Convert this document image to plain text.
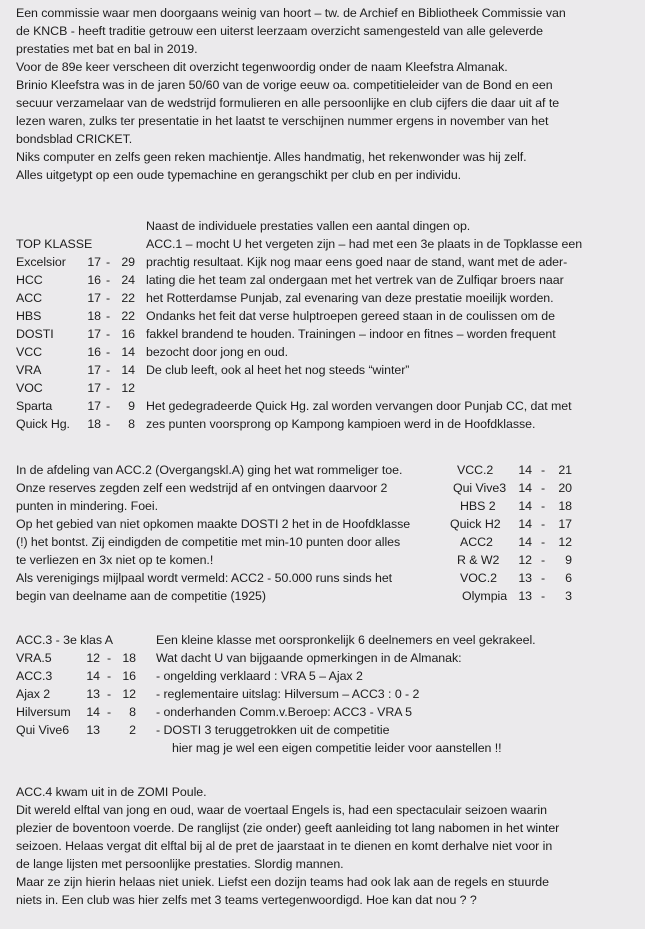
Een commissie waar men doorgaans weinig van hoort – tw. de Archief en Bibliotheek Commissie van
de KNCB - heeft traditie getrouw een uiterst leerzaam overzicht samengesteld van alle geleverde
prestaties met bat en bal in 2019.
Voor de 89e keer verscheen dit overzicht tegenwoordig onder de naam Kleefstra Almanak.
Brinio Kleefstra was in de jaren 50/60 van de vorige eeuw oa. competitieleider van de Bond en een
secuur verzamelaar van de wedstrijd formulieren en alle persoonlijke en club cijfers die daar uit af te
lezen waren, zulks ter presentatie in het laatst te verschijnen nummer ergens in november van het
bondsblad CRICKET.
Niks computer en zelfs geen reken machientje. Alles handmatig, het rekenwonder was hij zelf.
Alles uitgetypt op een oude typemachine en gerangschikt per club en per individu.
Naast de individuele prestaties vallen een aantal dingen op.
TOP KLASSE
Excelsior	17 - 29
HCC	16 - 24
ACC	17 - 22
HBS	18 - 22
DOSTI	17 - 16
VCC	16 - 14
VRA	17 - 14
VOC	17 - 12
Sparta	17 -	9
Quick Hg.	18 -	8
ACC.1 – mocht U het vergeten zijn – had met een 3e plaats in de Topklasse een
prachtig resultaat. Kijk nog maar eens goed naar de stand, want met de ader-
lating die het team zal ondergaan met het vertrek van de Zulfiqar broers naar
het Rotterdamse Punjab, zal evenaring van deze prestatie moeilijk worden.
Ondanks het feit dat verse hulptroepen gereed staan in de coulissen om de
fakkel brandend te houden. Trainingen – indoor en fitnes – worden frequent
bezocht door jong en oud.
De club leeft, ook al heet het nog steeds “winter”
Het gedegradeerde Quick Hg. zal worden vervangen door Punjab CC, dat met
zes punten voorsprong op Kampong kampioen werd in de Hoofdklasse.
In de afdeling van ACC.2 (Overgangskl.A) ging het wat rommeliger toe.
Onze reserves zegden zelf een wedstrijd af en ontvingen daarvoor 2
punten in mindering. Foei.
Op het gebied van niet opkomen maakte DOSTI 2 het in de Hoofdklasse
(!) het bontst. Zij eindigden de competitie met min-10 punten door alles
te verliezen en 3x niet op te komen.!
Als verenigings mijlpaal wordt vermeld: ACC2 - 50.000 runs sinds het
begin van deelname aan de competitie (1925)
VCC.2	14 -	21
Qui Vive3 14 -	20
HBS 2	14 -	18
Quick H2	14 -	17
ACC2	14 -	12
R & W2	12 -	9
VOC.2	13 -	6
Olympia 13 -	3
ACC.3 - 3e klas A	Een kleine klasse met oorspronkelijk 6 deelnemers en veel gekrakeel.
VRA.5	12 - 18
ACC.3	14 - 16
Ajax 2	13 - 12
Hilversum	14 -	8
Qui Vive6	13	2
Wat dacht U van bijgaande opmerkingen in de Almanak:
- ongelding verklaard : VRA 5 – Ajax 2
- reglementaire uitslag: Hilversum – ACC3 : 0 - 2
- onderhanden Comm.v.Beroep: ACC3 - VRA 5
- DOSTI 3 teruggetrokken uit de competitie
hier mag je wel een eigen competitie leider voor aanstellen !!
ACC.4 kwam uit in de ZOMI Poule.
Dit wereld elftal van jong en oud, waar de voertaal Engels is, had een spectaculair seizoen waarin
plezier de boventoon voerde. De ranglijst (zie onder) geeft aanleiding tot lang nabomen in het winter
seizoen. Helaas vergat dit elftal bij al de pret de jaarstaat in te dienen en komt derhalve niet voor in
de lange lijsten met persoonlijke prestaties. Slordig mannen.
Maar ze zijn hierin helaas niet uniek. Liefst een dozijn teams had ook lak aan de regels en stuurde
niets in. Een club was hier zelfs met 3 teams vertegenwoordigd. Hoe kan dat nou ? ?
